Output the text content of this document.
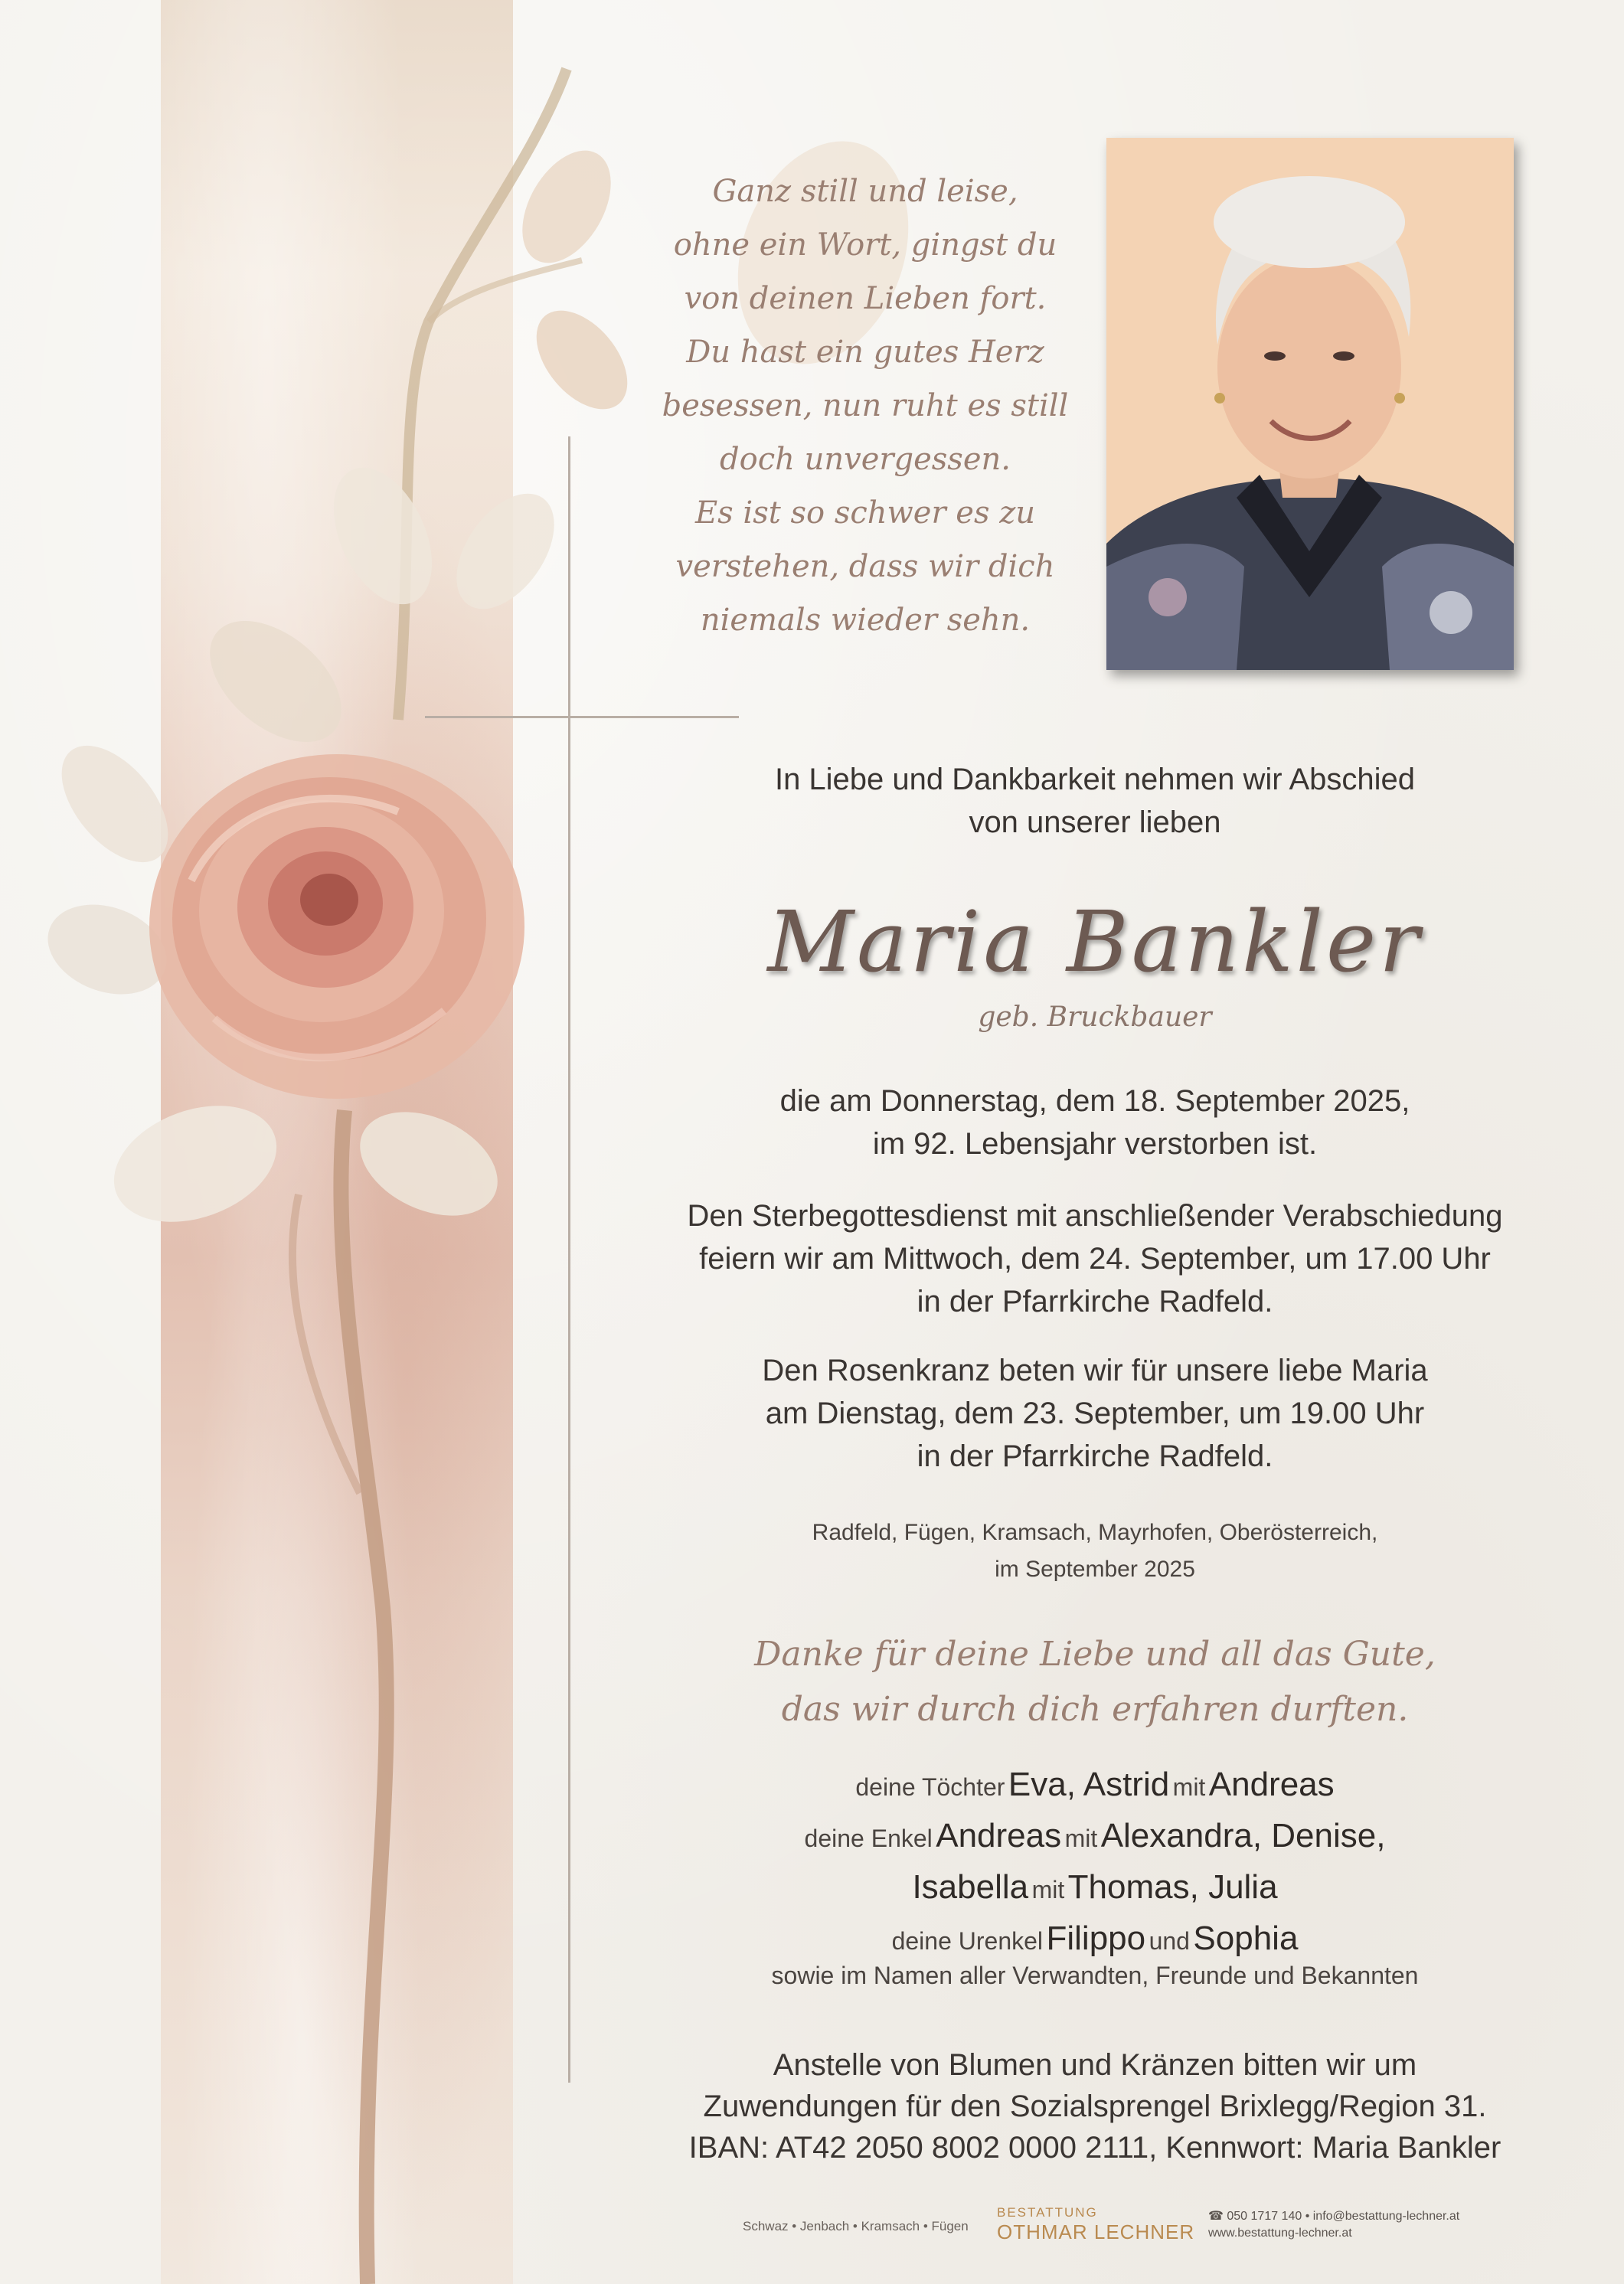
Ganz still und leise,
ohne ein Wort, gingst du
von deinen Lieben fort.
Du hast ein gutes Herz
besessen, nun ruht es still
doch unvergessen.
Es ist so schwer es zu
verstehen, dass wir dich
niemals wieder sehn.
In Liebe und Dankbarkeit nehmen wir Abschied
von unserer lieben
Maria Bankler
geb. Bruckbauer
die am Donnerstag, dem 18. September 2025,
im 92. Lebensjahr verstorben ist.
Den Sterbegottesdienst mit anschließender Verabschiedung
feiern wir am Mittwoch, dem 24. September, um 17.00 Uhr
in der Pfarrkirche Radfeld.
Den Rosenkranz beten wir für unsere liebe Maria
am Dienstag, dem 23. September, um 19.00 Uhr
in der Pfarrkirche Radfeld.
Radfeld, Fügen, Kramsach, Mayrhofen, Oberösterreich,
im September 2025
Danke für deine Liebe und all das Gute,
das wir durch dich erfahren durften.
deine Töchter Eva, Astrid mit Andreas
deine Enkel Andreas mit Alexandra, Denise,
Isabella mit Thomas, Julia
deine Urenkel Filippo und Sophia
sowie im Namen aller Verwandten, Freunde und Bekannten
Anstelle von Blumen und Kränzen bitten wir um
Zuwendungen für den Sozialsprengel Brixlegg/Region 31.
IBAN: AT42 2050 8002 0000 2111, Kennwort: Maria Bankler
Schwaz • Jenbach • Kramsach • Fügen
BESTATTUNG
OTHMAR LECHNER
☎ 050 1717 140 • info@bestattung-lechner.at
www.bestattung-lechner.at
